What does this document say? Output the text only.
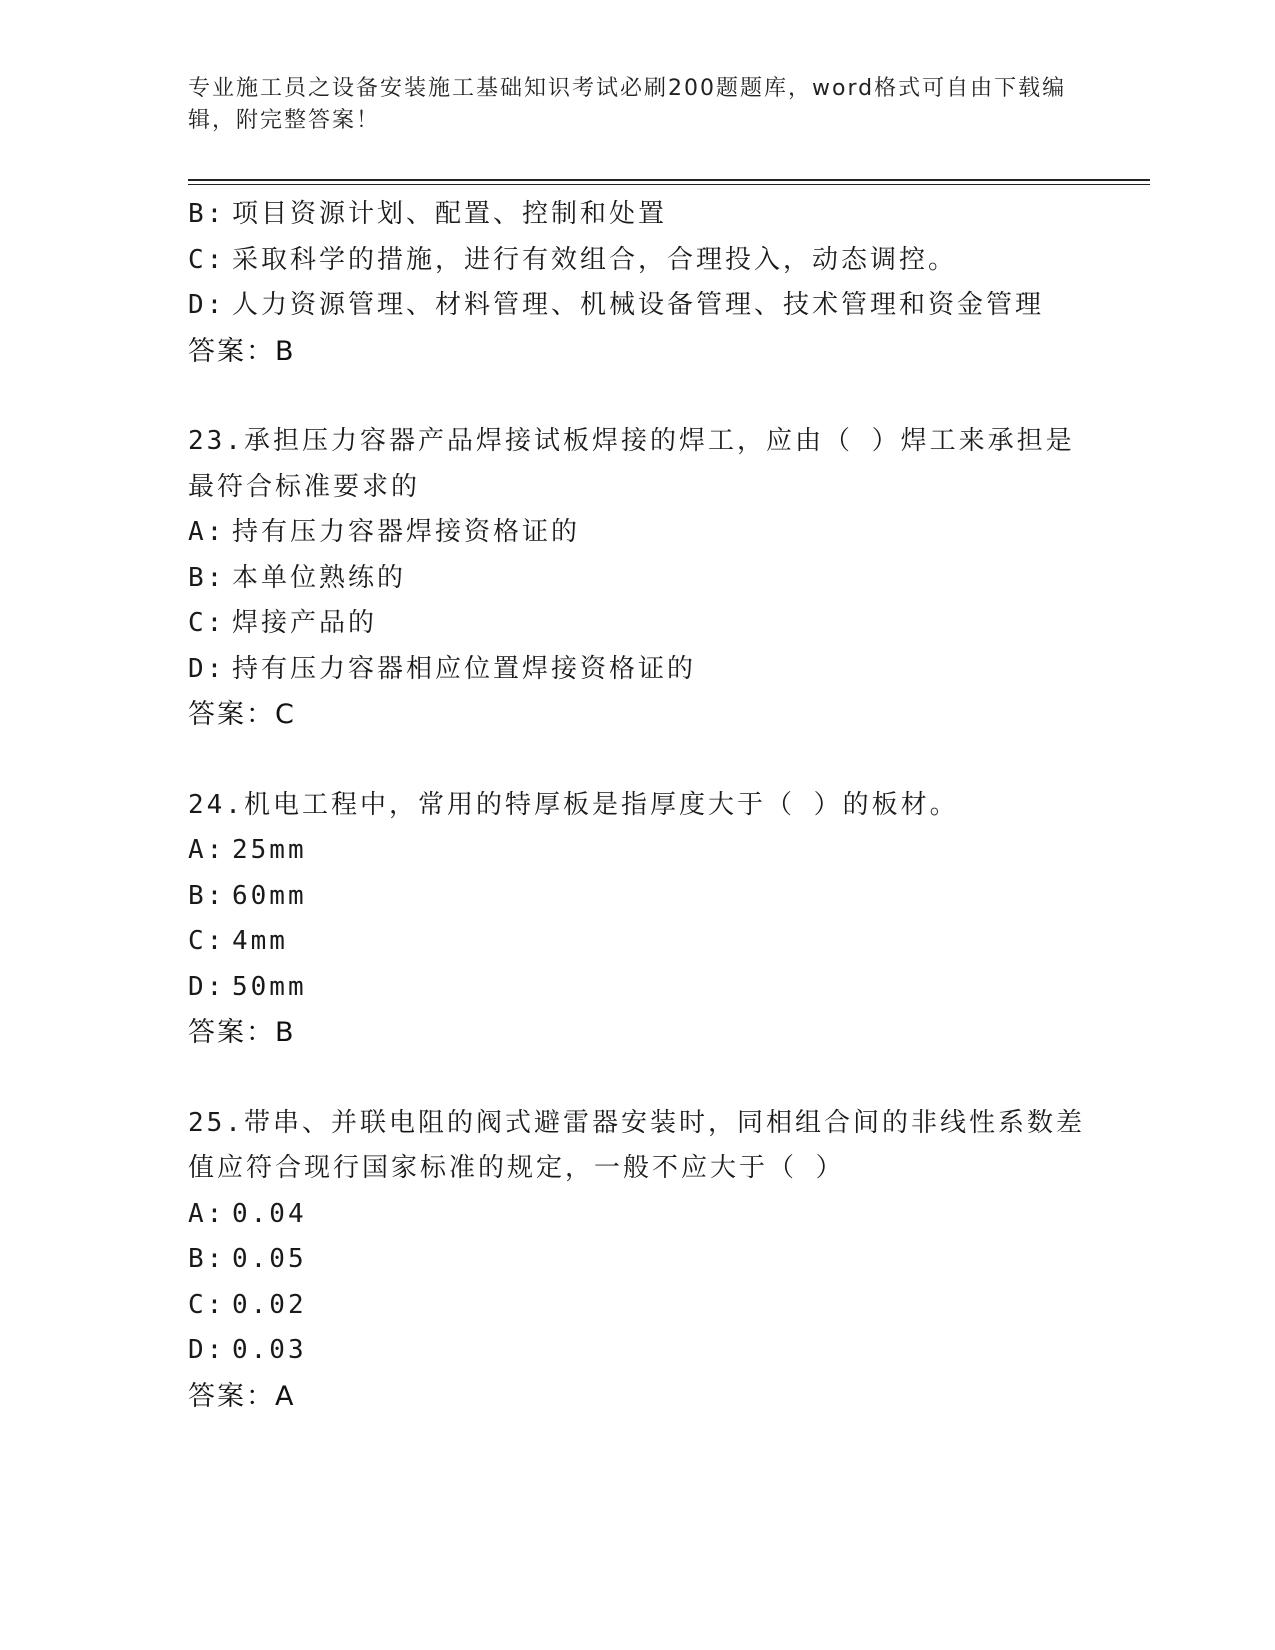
专业施工员之设备安装施工基础知识考试必刷200题题库，word格式可自由下载编辑，附完整答案！
B: 项目资源计划、配置、控制和处置
C: 采取科学的措施，进行有效组合，合理投入，动态调控。
D: 人力资源管理、材料管理、机械设备管理、技术管理和资金管理
答案：B
23.承担压力容器产品焊接试板焊接的焊工，应由（ ）焊工来承担是最符合标准要求的
A: 持有压力容器焊接资格证的
B: 本单位熟练的
C: 焊接产品的
D: 持有压力容器相应位置焊接资格证的
答案：C
24.机电工程中，常用的特厚板是指厚度大于（ ）的板材。
A: 25mm
B: 60mm
C: 4mm
D: 50mm
答案：B
25.带串、并联电阻的阀式避雷器安装时，同相组合间的非线性系数差值应符合现行国家标准的规定，一般不应大于（ ）
A: 0.04
B: 0.05
C: 0.02
D: 0.03
答案：A
